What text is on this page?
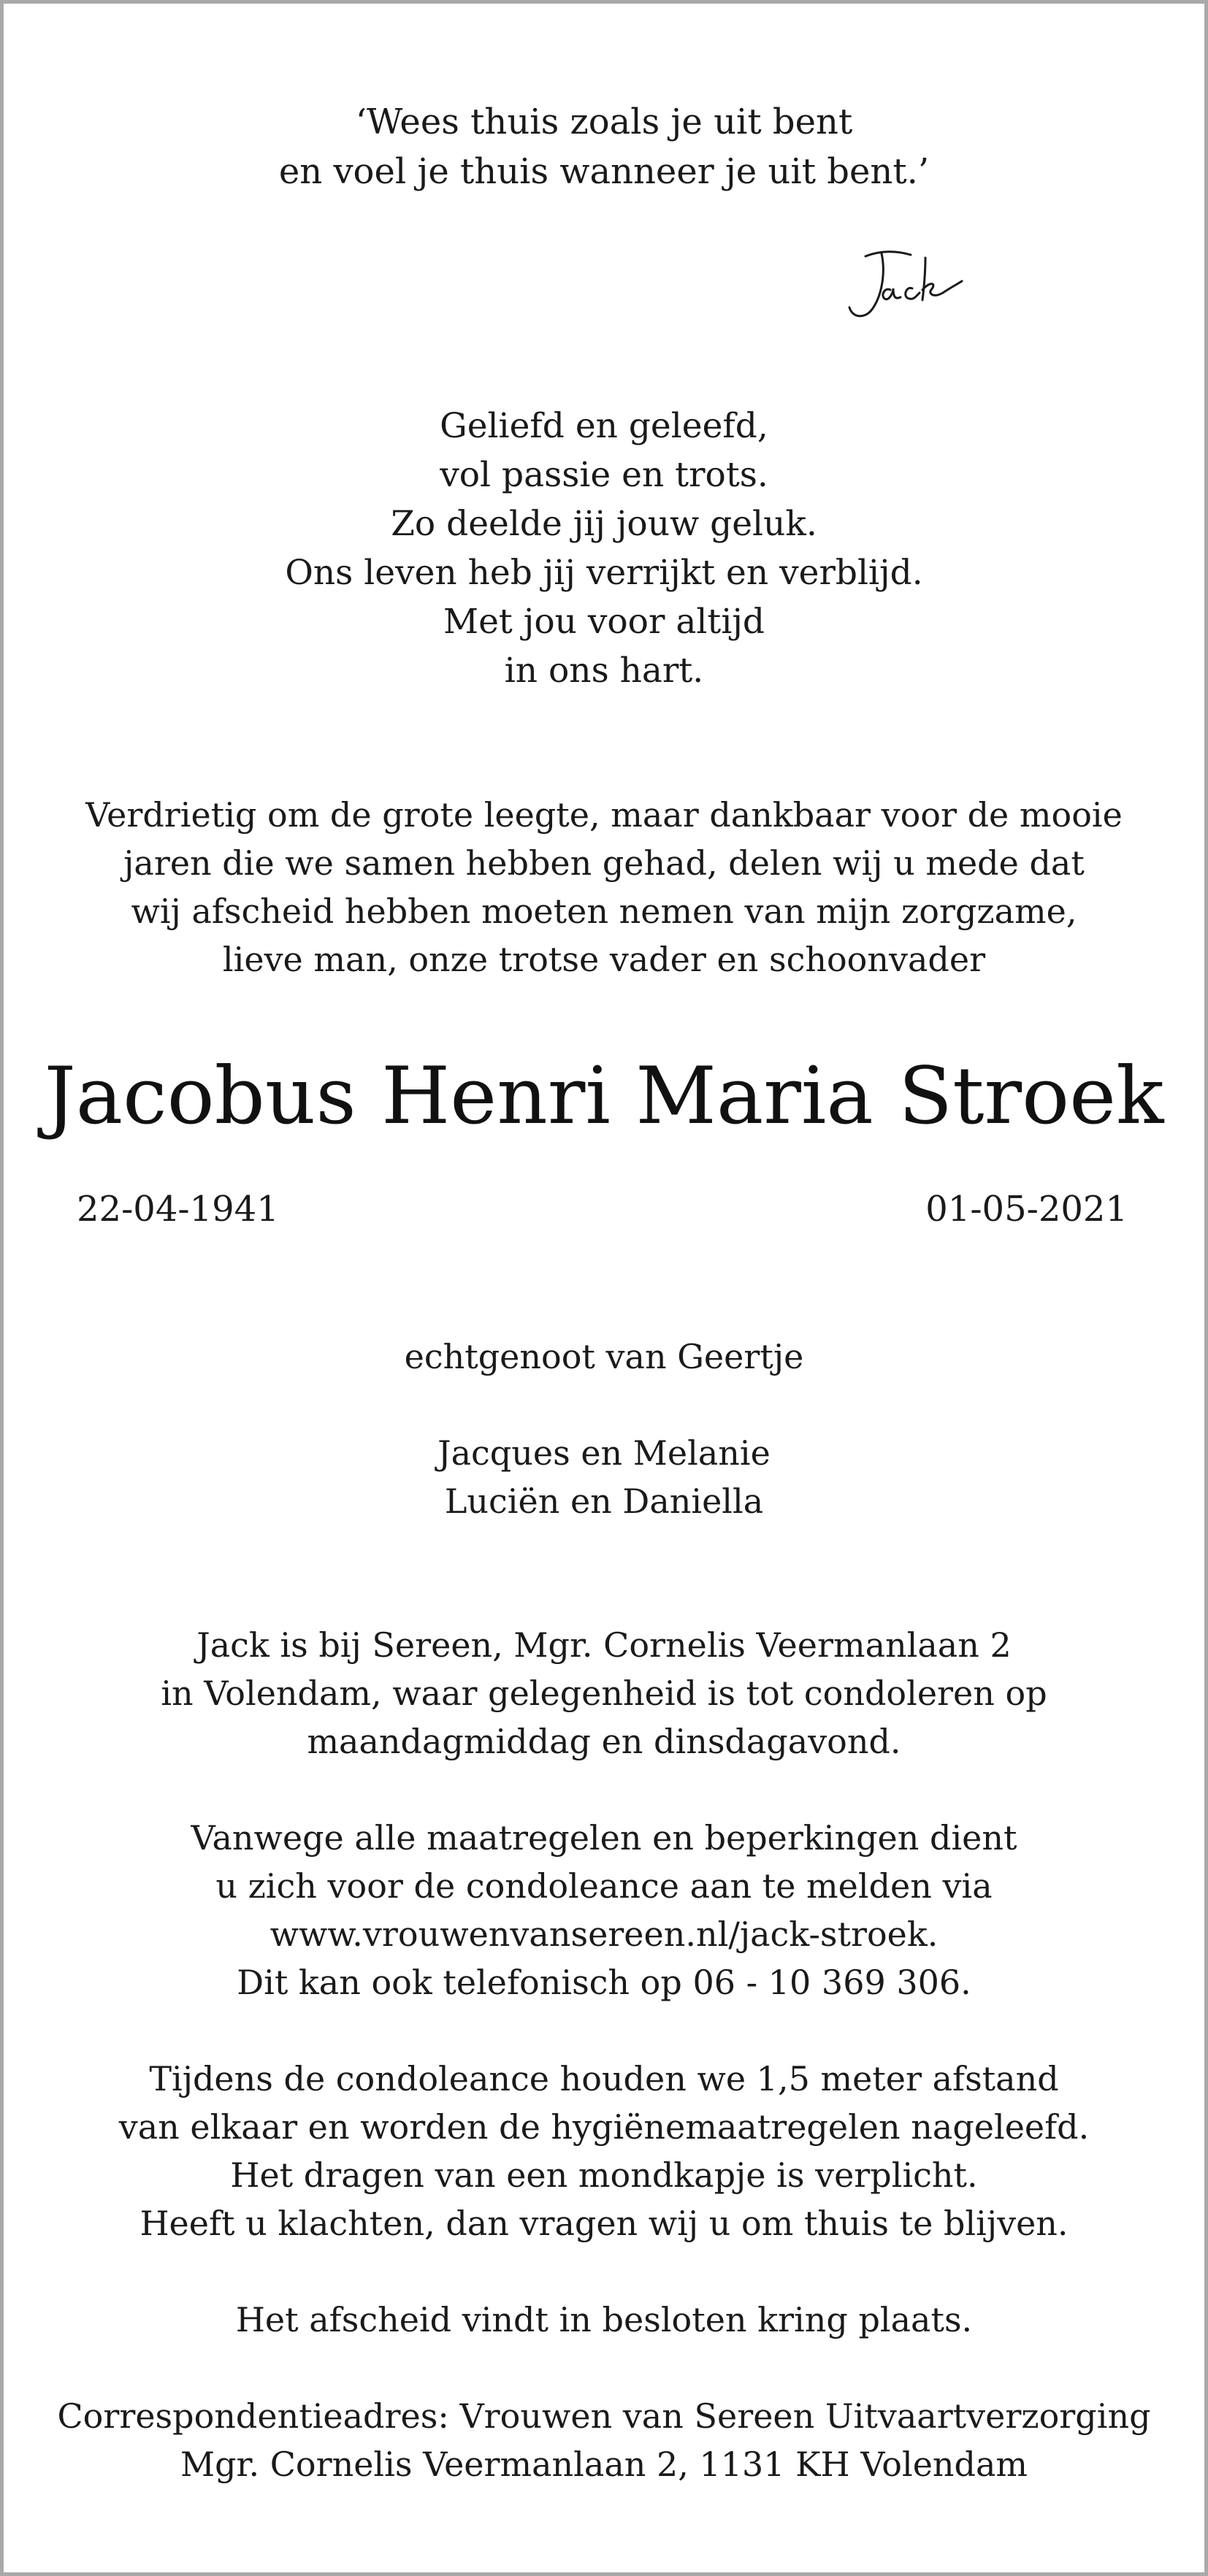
‘Wees thuis zoals je uit bent
en voel je thuis wanneer je uit bent.’
Geliefd en geleefd,
vol passie en trots.
Zo deelde jij jouw geluk.
Ons leven heb jij verrijkt en verblijd.
Met jou voor altijd
in ons hart.
Verdrietig om de grote leegte, maar dankbaar voor de mooie
jaren die we samen hebben gehad, delen wij u mede dat
wij afscheid hebben moeten nemen van mijn zorgzame,
lieve man, onze trotse vader en schoonvader
Jacobus Henri Maria Stroek
22-04-1941	01-05-2021
echtgenoot van Geertje
Jacques en Melanie
Luciën en Daniella
Jack is bij Sereen, Mgr. Cornelis Veermanlaan 2
in Volendam, waar gelegenheid is tot condoleren op
maandagmiddag en dinsdagavond.
Vanwege alle maatregelen en beperkingen dient
u zich voor de condoleance aan te melden via
www.vrouwenvansereen.nl/jack-stroek.
Dit kan ook telefonisch op 06 - 10 369 306.
Tijdens de condoleance houden we 1,5 meter afstand
van elkaar en worden de hygiënemaatregelen nageleefd.
Het dragen van een mondkapje is verplicht.
Heeft u klachten, dan vragen wij u om thuis te blijven.
Het afscheid vindt in besloten kring plaats.
Correspondentieadres: Vrouwen van Sereen Uitvaartverzorging
Mgr. Cornelis Veermanlaan 2, 1131 KH Volendam
